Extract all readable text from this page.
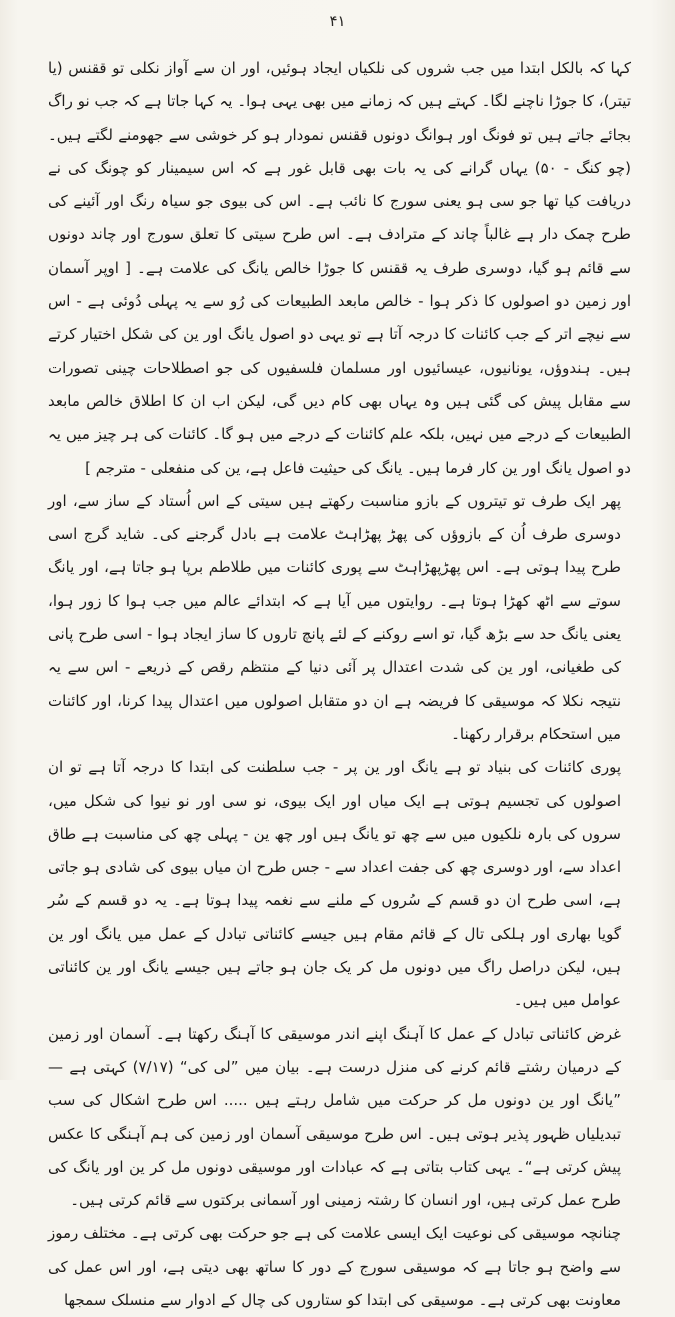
۴۱

کہا کہ بالکل ابتدا میں جب شروں کی نلکیاں ایجاد ہوئیں، اور ان سے آواز نکلی تو ققنس (یا تیتر)، کا جوڑا ناچنے لگا۔ کہتے ہیں کہ زمانے میں بھی یہی ہوا۔ یہ کہا جاتا ہے کہ جب نو راگ بجائے جاتے ہیں تو فونگ اور ہوانگ دونوں ققنس نمودار ہو کر خوشی سے جھومنے لگتے ہیں۔ (چو کنگ - ۵۰) یہاں گرانے کی یہ بات بھی قابل غور ہے کہ اس سیمینار کو چونگ کی نے دریافت کیا تھا جو سی ہو یعنی سورج کا نائب ہے۔ اس کی بیوی جو سیاہ رنگ اور آئینے کی طرح چمک دار ہے غالباً چاند کے مترادف ہے۔ اس طرح سیتی کا تعلق سورج اور چاند دونوں سے قائم ہو گیا، دوسری طرف یہ ققنس کا جوڑا خالص یانگ کی علامت ہے۔ [ اوپر آسمان اور زمین دو اصولوں کا ذکر ہوا - خالص مابعد الطبیعات کی رُو سے یہ پہلی دُوئی ہے - اس سے نیچے اتر کے جب کائنات کا درجہ آتا ہے تو یہی دو اصول یانگ اور ین کی شکل اختیار کرتے ہیں۔ ہندوؤں، یونانیوں، عیسائیوں اور مسلمان فلسفیوں کی جو اصطلاحات چینی تصورات سے مقابل پیش کی گئی ہیں وہ یہاں بھی کام دیں گی، لیکن اب ان کا اطلاق خالص مابعد الطبیعات کے درجے میں نہیں، بلکہ علم کائنات کے درجے میں ہو گا۔ کائنات کی ہر چیز میں یہ دو اصول یانگ اور ین کار فرما ہیں۔ یانگ کی حیثیت فاعل ہے، ین کی منفعلی - مترجم ]

پھر ایک طرف تو تیتروں کے بازو مناسبت رکھتے ہیں سیتی کے اس اُستاد کے ساز سے، اور دوسری طرف اُن کے بازوؤں کی پھڑ پھڑاہٹ علامت ہے بادل گرجنے کی۔ شاید گرج اسی طرح پیدا ہوتی ہے۔ اس پھڑپھڑاہٹ سے پوری کائنات میں طلاطم برپا ہو جاتا ہے، اور یانگ سوتے سے اٹھ کھڑا ہوتا ہے۔ روایتوں میں آیا ہے کہ ابتدائے عالم میں جب ہوا کا زور ہوا، یعنی یانگ حد سے بڑھ گیا، تو اسے روکنے کے لئے پانچ تاروں کا ساز ایجاد ہوا - اسی طرح پانی کی طغیانی، اور ین کی شدت اعتدال پر آئی دنیا کے منتظم رقص کے ذریعے - اس سے یہ نتیجہ نکلا کہ موسیقی کا فریضہ ہے ان دو متقابل اصولوں میں اعتدال پیدا کرنا، اور کائنات میں استحکام برقرار رکھنا۔

پوری کائنات کی بنیاد تو ہے یانگ اور ین پر - جب سلطنت کی ابتدا کا درجہ آتا ہے تو ان اصولوں کی تجسیم ہوتی ہے ایک میاں اور ایک بیوی، نو سی اور نو نیوا کی شکل میں، سروں کی بارہ نلکیوں میں سے چھ تو یانگ ہیں اور چھ ین - پہلی چھ کی مناسبت ہے طاق اعداد سے، اور دوسری چھ کی جفت اعداد سے - جس طرح ان میاں بیوی کی شادی ہو جاتی ہے، اسی طرح ان دو قسم کے سُروں کے ملنے سے نغمہ پیدا ہوتا ہے۔ یہ دو قسم کے سُر گویا بھاری اور ہلکی تال کے قائم مقام ہیں جیسے کائناتی تبادل کے عمل میں یانگ اور ین ہیں، لیکن دراصل راگ میں دونوں مل کر یک جان ہو جاتے ہیں جیسے یانگ اور ین کائناتی عوامل میں ہیں۔

غرض کائناتی تبادل کے عمل کا آہنگ اپنے اندر موسیقی کا آہنگ رکھتا ہے۔ آسمان اور زمین کے درمیان رشتے قائم کرنے کی منزل درست ہے۔ بیان میں ”لی کی“ (۷/۱۷) کہتی ہے — ”یانگ اور ین دونوں مل کر حرکت میں شامل رہتے ہیں ..... اس طرح اشکال کی سب تبدیلیاں ظہور پذیر ہوتی ہیں۔ اس طرح موسیقی آسمان اور زمین کی ہم آہنگی کا عکس پیش کرتی ہے“۔ یہی کتاب بتاتی ہے کہ عبادات اور موسیقی دونوں مل کر ین اور یانگ کی طرح عمل کرتی ہیں، اور انسان کا رشتہ زمینی اور آسمانی برکتوں سے قائم کرتی ہیں۔

چنانچہ موسیقی کی نوعیت ایک ایسی علامت کی ہے جو حرکت بھی کرتی ہے۔ مختلف رموز سے واضح ہو جاتا ہے کہ موسیقی سورج کے دور کا ساتھ بھی دیتی ہے، اور اس عمل کی معاونت بھی کرتی ہے۔ موسیقی کی ابتدا کو ستاروں کی چال کے ادوار سے منسلک سمجھا
